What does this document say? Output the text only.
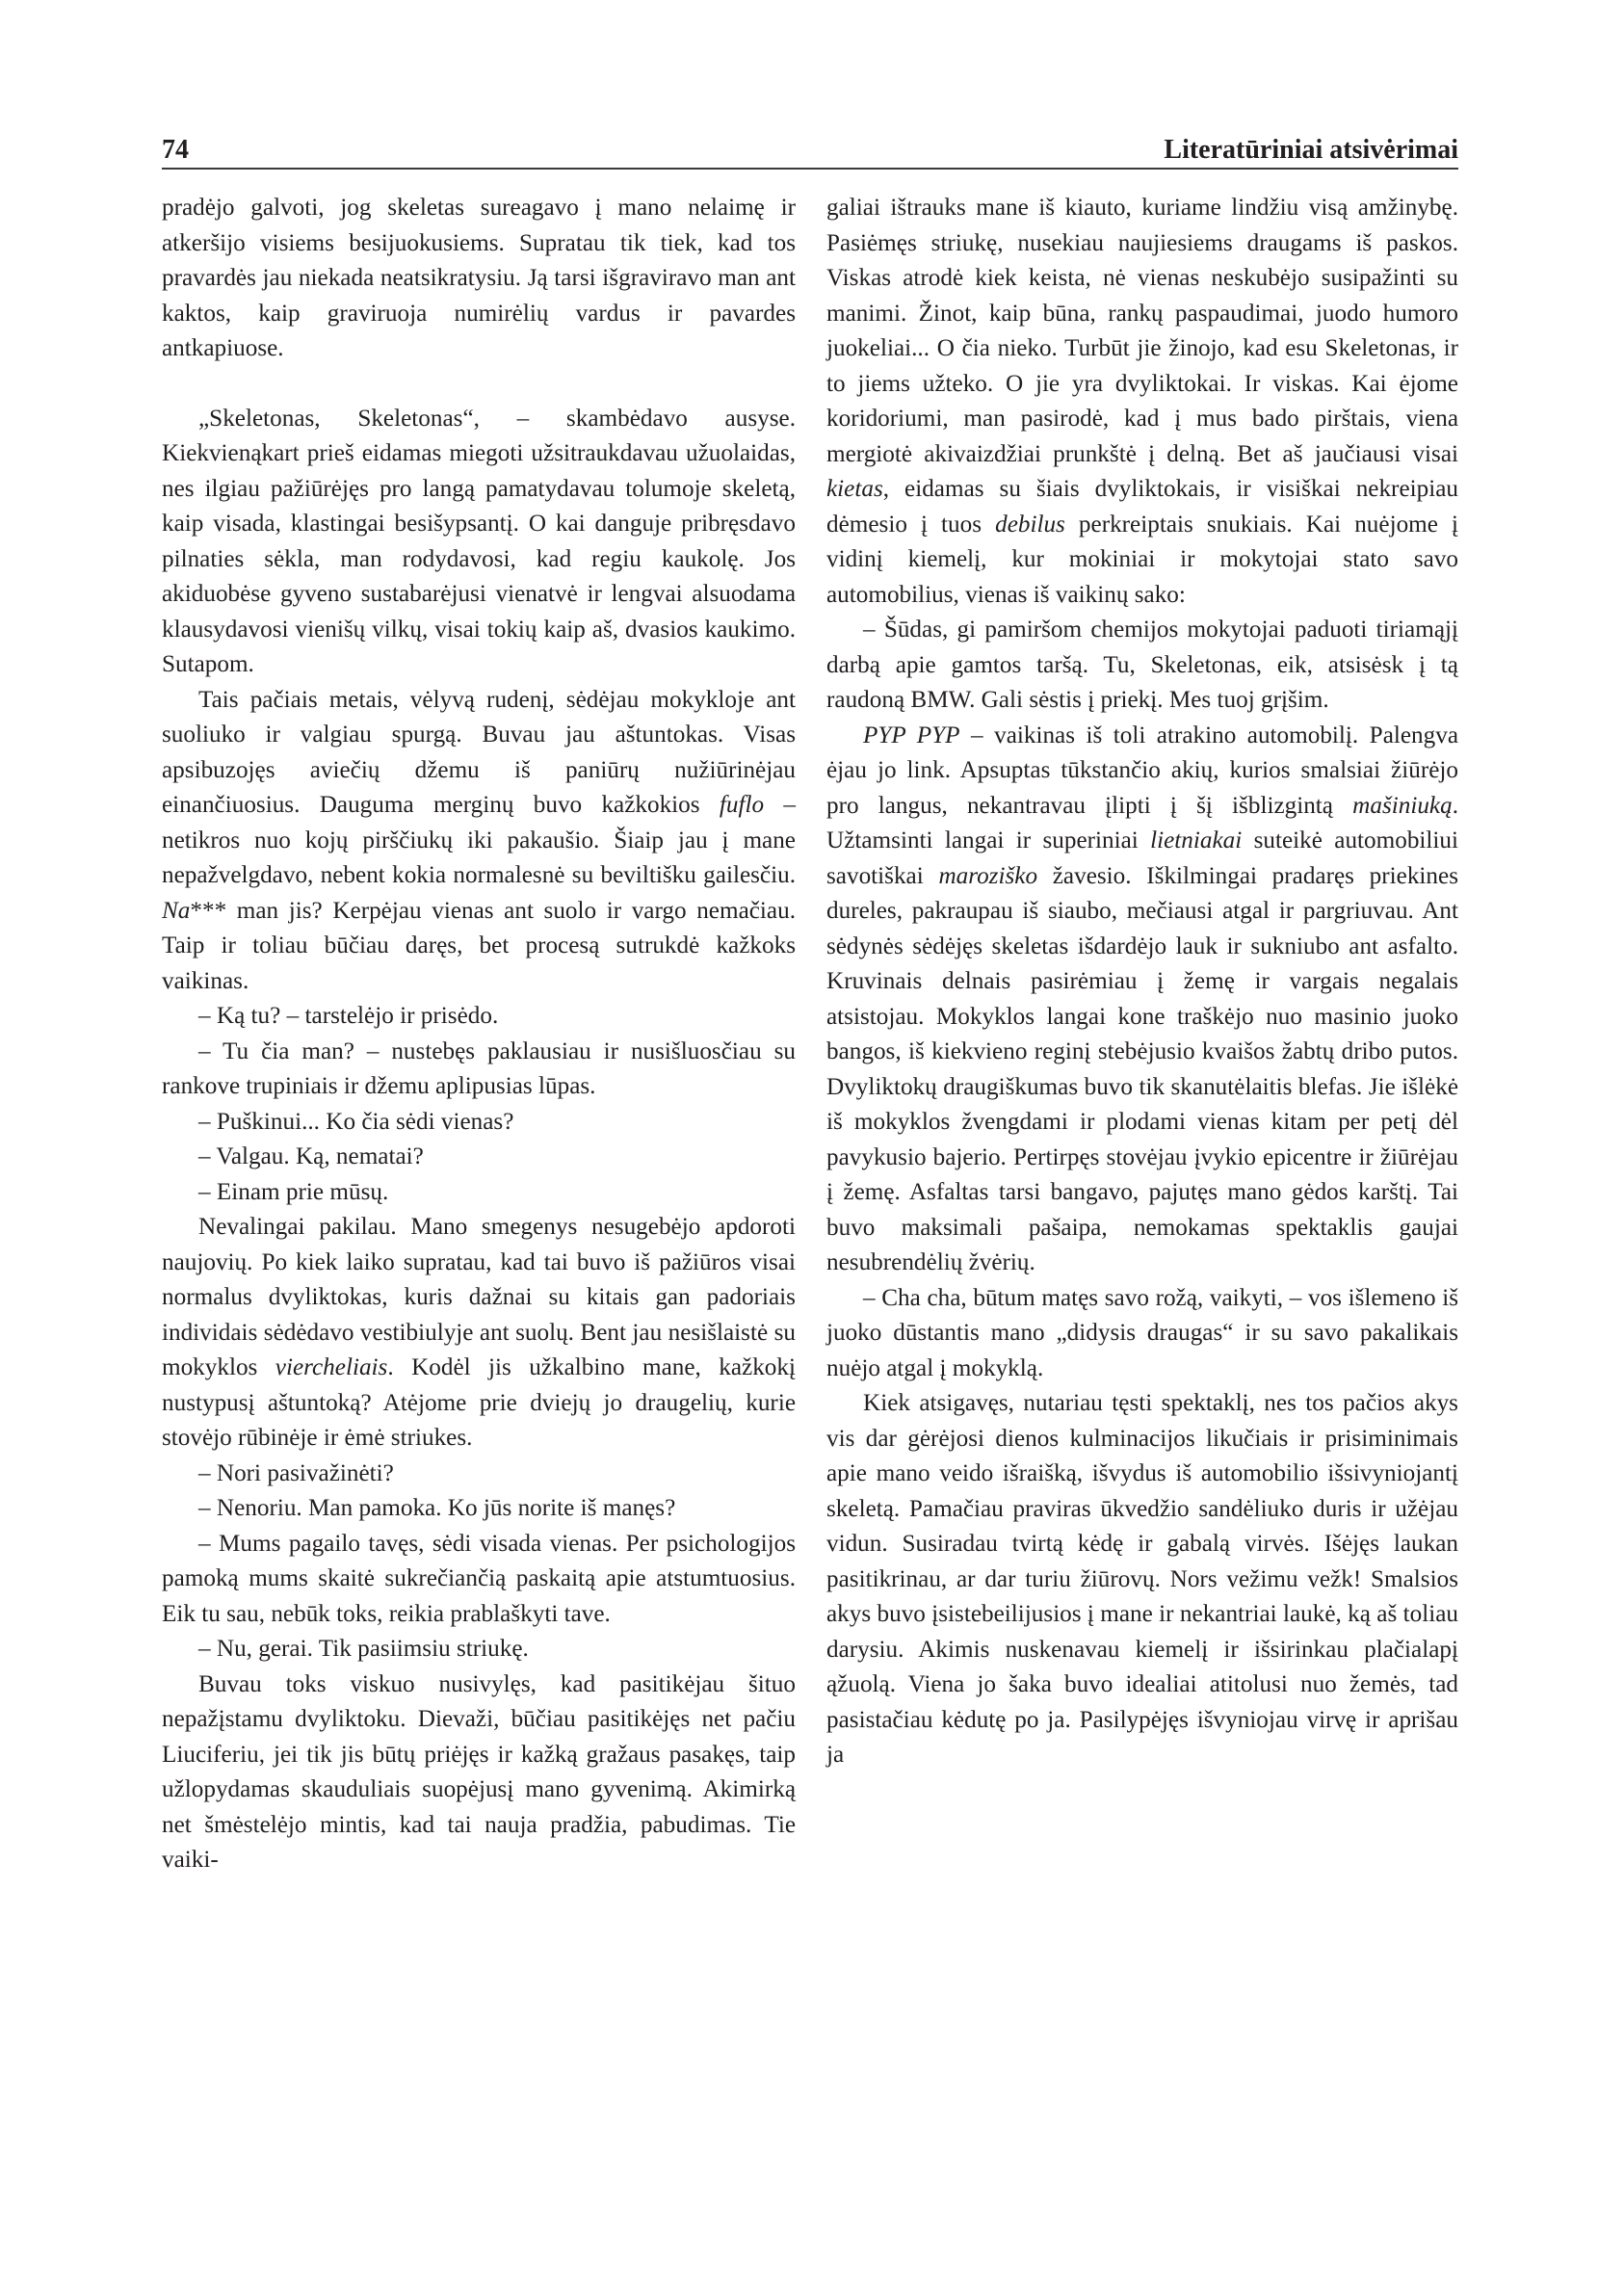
74	Literatūriniai atsivėrimai

pradėjo galvoti, jog skeletas sureagavo į mano nelaimę ir atkeršijo visiems besijuokusiems. Supratau tik tiek, kad tos pravardės jau niekada neatsikratysiu. Ją tarsi išgraviravo man ant kaktos, kaip graviruoja numirėlių vardus ir pavardes antkapiuose.

„Skeletonas, Skeletonas“, – skambėdavo ausyse. Kiekvienąkart prieš eidamas miegoti užsitraukdavau užuolaidas, nes ilgiau pažiūrėjęs pro langą pamatydavau tolumoje skeletą, kaip visada, klastingai besišypsantį. O kai danguje pribręsdavo pilnaties sėkla, man rodydavosi, kad regiu kaukolę. Jos akiduobėse gyveno sustabarėjusi vienatvė ir lengvai alsuodama klausydavosi vienišų vilkų, visai tokių kaip aš, dvasios kaukimo. Sutapom.

Tais pačiais metais, vėlyvą rudenį, sėdėjau mokykloje ant suoliuko ir valgiau spurgą. Buvau jau aštuntokas. Visas apsibuzojęs aviečių džemu iš paniūrų nužiūrinėjau einančiuosius. Dauguma merginų buvo kažkokios fuflo – netikros nuo kojų pirščiukų iki pakaušio. Šiaip jau į mane nepažvelgdavo, nebent kokia normalesnė su beviltišku gailesčiu. Na*** man jis? Kerpėjau vienas ant suolo ir vargo nemačiau. Taip ir toliau būčiau daręs, bet procesą sutrukdė kažkoks vaikinas.

– Ką tu? – tarstelėjo ir prisėdo.

– Tu čia man? – nustebęs paklausiau ir nusišluosčiau su rankove trupiniais ir džemu aplipusias lūpas.

– Puškinui... Ko čia sėdi vienas?

– Valgau. Ką, nematai?

– Einam prie mūsų.

Nevalingai pakilau. Mano smegenys nesugebėjo apdoroti naujovių. Po kiek laiko supratau, kad tai buvo iš pažiūros visai normalus dvyliktokas, kuris dažnai su kitais gan padoriais individais sėdėdavo vestibiulyje ant suolų. Bent jau nesišlaistė su mokyklos viercheliais. Kodėl jis užkalbino mane, kažkokį nustypusį aštuntoką? Atėjome prie dviejų jo draugelių, kurie stovėjo rūbinėje ir ėmė striukes.

– Nori pasivažinėti?

– Nenoriu. Man pamoka. Ko jūs norite iš manęs?

– Mums pagailo tavęs, sėdi visada vienas. Per psichologijos pamoką mums skaitė sukrečiančią paskaitą apie atstumtuosius. Eik tu sau, nebūk toks, reikia prablaškyti tave.

– Nu, gerai. Tik pasiimsiu striukę.

Buvau toks viskuo nusivylęs, kad pasitikėjau šituo nepažįstamu dvyliktoku. Dievaži, būčiau pasitikėjęs net pačiu Liuciferiu, jei tik jis būtų priėjęs ir kažką gražaus pasakęs, taip užlopydamas skauduliais suopėjusį mano gyvenimą. Akimirką net šmėstelėjo mintis, kad tai nauja pradžia, pabudimas. Tie vaiki-

galiai ištrauks mane iš kiauto, kuriame lindžiu visą amžinybę. Pasiėmęs striukę, nusekiau naujiesiems draugams iš paskos. Viskas atrodė kiek keista, nė vienas neskubėjo susipažinti su manimi. Žinot, kaip būna, rankų paspaudimai, juodo humoro juokeliai... O čia nieko. Turbūt jie žinojo, kad esu Skeletonas, ir to jiems užteko. O jie yra dvyliktokai. Ir viskas. Kai ėjome koridoriumi, man pasirodė, kad į mus bado pirštais, viena mergiotė akivaizdžiai prunkštė į delną. Bet aš jaučiausi visai kietas, eidamas su šiais dvyliktokais, ir visiškai nekreipiau dėmesio į tuos debilus perkreiptais snukiais. Kai nuėjome į vidinį kiemelį, kur mokiniai ir mokytojai stato savo automobilius, vienas iš vaikinų sako:

– Šūdas, gi pamiršom chemijos mokytojai paduoti tiriamąjį darbą apie gamtos taršą. Tu, Skeletonas, eik, atsisėsk į tą raudoną BMW. Gali sėstis į priekį. Mes tuoj grįšim.

PYP PYP – vaikinas iš toli atrakino automobilį. Palengva ėjau jo link. Apsuptas tūkstančio akių, kurios smalsiai žiūrėjo pro langus, nekantravau įlipti į šį išblizgintą mašiniuką. Užtamsinti langai ir superiniai lietniakai suteikė automobiliui savotiškai maroziško žavesio. Iškilmingai pradaręs priekines dureles, pakraupau iš siaubo, mečiausi atgal ir pargriuvau. Ant sėdynės sėdėjęs skeletas išdardėjo lauk ir sukniubo ant asfalto. Kruvinais delnais pasirėmiau į žemę ir vargais negalais atsistojau. Mokyklos langai kone traškėjo nuo masinio juoko bangos, iš kiekvieno reginį stebėjusio kvaišos žabtų dribo putos. Dvyliktokų draugiškumas buvo tik skanutėlaitis blefas. Jie išlėkė iš mokyklos žvengdami ir plodami vienas kitam per petį dėl pavykusio bajerio. Pertirpęs stovėjau įvykio epicentre ir žiūrėjau į žemę. Asfaltas tarsi bangavo, pajutęs mano gėdos karštį. Tai buvo maksimali pašaipa, nemokamas spektaklis gaujai nesubrendėlių žvėrių.

– Cha cha, būtum matęs savo rožą, vaikyti, – vos išlemeno iš juoko dūstantis mano „didysis draugas“ ir su savo pakalikais nuėjo atgal į mokyklą.

Kiek atsigavęs, nutariau tęsti spektaklį, nes tos pačios akys vis dar gėrėjosi dienos kulminacijos likučiais ir prisiminimais apie mano veido išraišką, išvydus iš automobilio išsivyniojantį skeletą. Pamačiau praviras ūkvedžio sandėliuko duris ir užėjau vidun. Susiradau tvirtą kėdę ir gabalą virvės. Išėjęs laukan pasitikrinau, ar dar turiu žiūrovų. Nors vežimu vežk! Smalsios akys buvo įsistebeilijusios į mane ir nekantriai laukė, ką aš toliau darysiu. Akimis nuskenavau kiemelį ir išsirinkau plačialapį ąžuolą. Viena jo šaka buvo idealiai atitolusi nuo žemės, tad pasistačiau kėdutę po ja. Pasilypėjęs išvyniojau virvę ir aprišau ja
